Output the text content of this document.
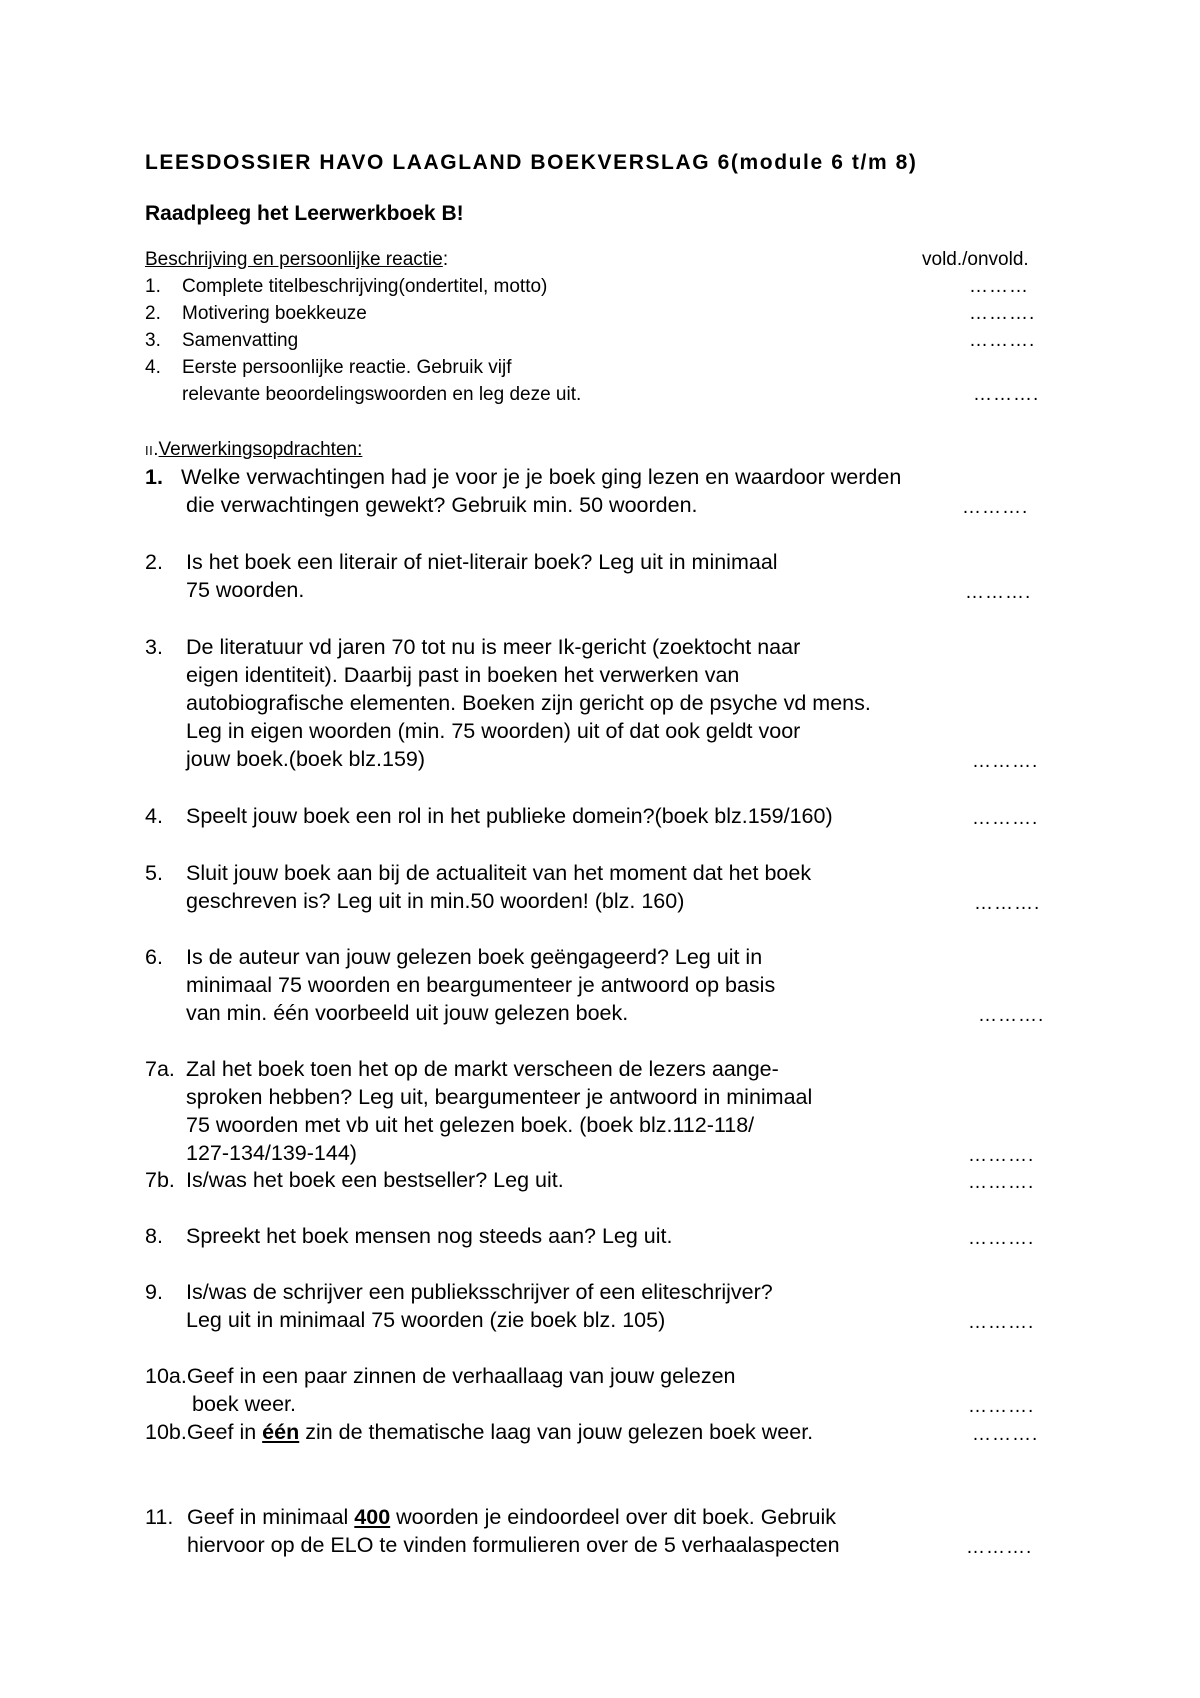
LEESDOSSIER HAVO LAAGLAND BOEKVERSLAG 6(module 6 t/m 8)
Raadpleeg het Leerwerkboek B!
Beschrijving en persoonlijke reactie:	vold./onvold.
1. Complete titelbeschrijving(ondertitel, motto)	………
2. Motivering boekkeuze	……….
3. Samenvatting	……….
4. Eerste persoonlijke reactie. Gebruik vijf
relevante beoordelingswoorden en leg deze uit.	……….
II.Verwerkingsopdrachten:
1. Welke verwachtingen had je voor je je boek ging lezen en waardoor werden
die verwachtingen gewekt? Gebruik min. 50 woorden.	……….
2. Is het boek een literair of niet-literair boek? Leg uit in minimaal
75 woorden.	……….
3. De literatuur vd jaren 70 tot nu is meer Ik-gericht (zoektocht naar
eigen identiteit). Daarbij past in boeken het verwerken van
autobiografische elementen. Boeken zijn gericht op de psyche vd mens.
Leg in eigen woorden (min. 75 woorden) uit of dat ook geldt voor
jouw boek.(boek blz.159)	……….
4. Speelt jouw boek een rol in het publieke domein?(boek blz.159/160)	……….
5. Sluit jouw boek aan bij de actualiteit van het moment dat het boek
geschreven is? Leg uit in min.50 woorden! (blz. 160)	……….
6. Is de auteur van jouw gelezen boek geëngageerd? Leg uit in
minimaal 75 woorden en beargumenteer je antwoord op basis
van min. één voorbeeld uit jouw gelezen boek.	……….
7a. Zal het boek toen het op de markt verscheen de lezers aange-
sproken hebben? Leg uit, beargumenteer je antwoord in minimaal
75 woorden met vb uit het gelezen boek. (boek blz.112-118/
127-134/139-144)	……….
7b. Is/was het boek een bestseller? Leg uit.	……….
8. Spreekt het boek mensen nog steeds aan? Leg uit.	……….
9. Is/was de schrijver een publieksschrijver of een eliteschrijver?
Leg uit in minimaal 75 woorden (zie boek blz. 105)	……….
10a.Geef in een paar zinnen de verhaallaag van jouw gelezen
boek weer.	……….
10b.Geef in één zin de thematische laag van jouw gelezen boek weer.	……….
11. Geef in minimaal 400 woorden je eindoordeel over dit boek. Gebruik
hiervoor op de ELO te vinden formulieren over de 5 verhaalaspecten	……….
